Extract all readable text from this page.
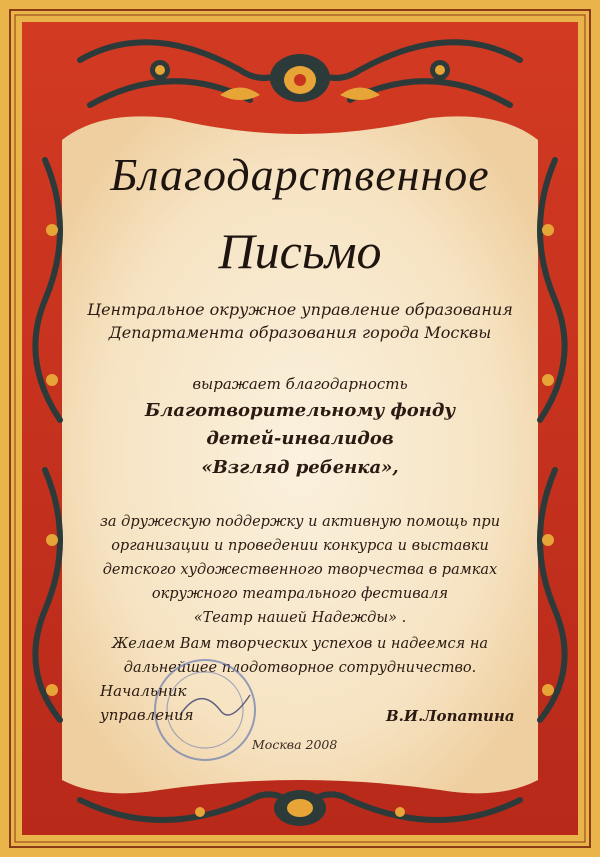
Благодарственное
Письмо
Центральное окружное управление образования
Департамента образования города Москвы
выражает благодарность
Благотворительному фонду
детей-инвалидов
«Взгляд ребенка»,
за дружескую поддержку и активную помощь при
организации и проведении конкурса и выставки
детского художественного творчества в рамках
окружного театрального фестиваля
«Театр нашей Надежды» .
Желаем Вам творческих успехов и надеемся на
дальнейшее плодотворное сотрудничество.
Начальник
управления	В.И.Лопатина
Москва 2008
